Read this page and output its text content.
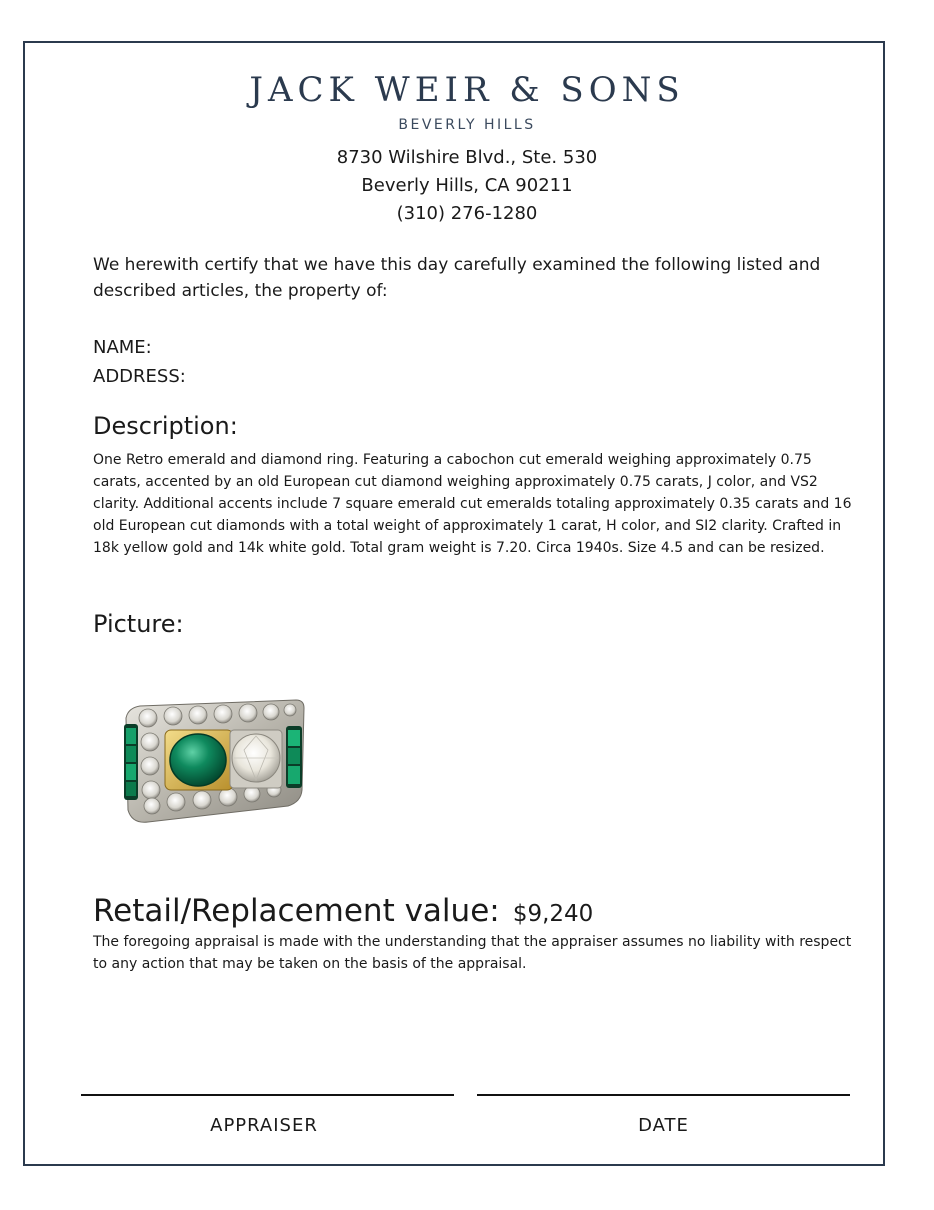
JACK WEIR & SONS
BEVERLY HILLS
8730 Wilshire Blvd., Ste. 530
Beverly Hills, CA 90211
(310) 276-1280
We herewith certify that we have this day carefully examined the following listed and described articles, the property of:
NAME:
ADDRESS:
Description:
One Retro emerald and diamond ring. Featuring a cabochon cut emerald weighing approximately 0.75 carats, accented by an old European cut diamond weighing approximately 0.75 carats, J color, and VS2 clarity. Additional accents include 7 square emerald cut emeralds totaling approximately 0.35 carats and 16 old European cut diamonds with a total weight of approximately 1 carat, H color, and SI2 clarity. Crafted in 18k yellow gold and 14k white gold. Total gram weight is 7.20. Circa 1940s. Size 4.5 and can be resized.
Picture:
Retail/Replacement value: $9,240
The foregoing appraisal is made with the understanding that the appraiser assumes no liability with respect to any action that may be taken on the basis of the appraisal.
APPRAISER	DATE
